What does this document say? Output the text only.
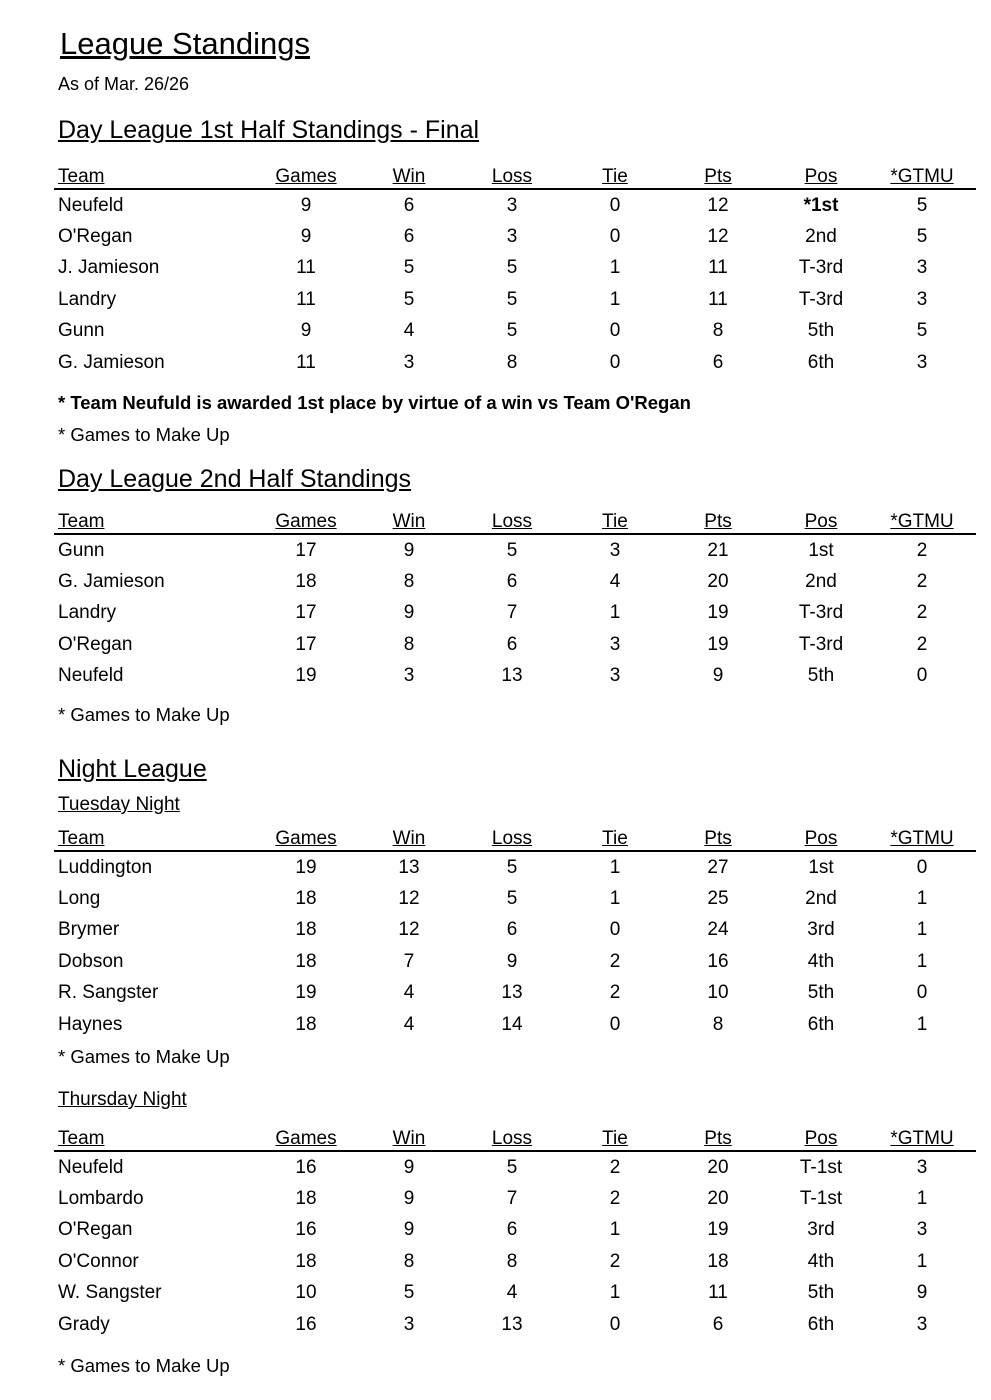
League Standings
As of Mar. 26/26
Day League 1st Half Standings - Final
Team	Games	Win	Loss	Tie	Pts	Pos	*GTMU
Neufeld	9	6	3	0	12	*1st	5
O'Regan	9	6	3	0	12	2nd	5
J. Jamieson	11	5	5	1	11	T-3rd	3
Landry	11	5	5	1	11	T-3rd	3
Gunn	9	4	5	0	8	5th	5
G. Jamieson	11	3	8	0	6	6th	3
* Team Neufuld is awarded 1st place by virtue of a win vs Team O'Regan
* Games to Make Up
Day League 2nd Half Standings
Team	Games	Win	Loss	Tie	Pts	Pos	*GTMU
Gunn	17	9	5	3	21	1st	2
G. Jamieson	18	8	6	4	20	2nd	2
Landry	17	9	7	1	19	T-3rd	2
O'Regan	17	8	6	3	19	T-3rd	2
Neufeld	19	3	13	3	9	5th	0
* Games to Make Up
Night League
Tuesday Night
Team	Games	Win	Loss	Tie	Pts	Pos	*GTMU
Luddington	19	13	5	1	27	1st	0
Long	18	12	5	1	25	2nd	1
Brymer	18	12	6	0	24	3rd	1
Dobson	18	7	9	2	16	4th	1
R. Sangster	19	4	13	2	10	5th	0
Haynes	18	4	14	0	8	6th	1
* Games to Make Up
Thursday Night
Team	Games	Win	Loss	Tie	Pts	Pos	*GTMU
Neufeld	16	9	5	2	20	T-1st	3
Lombardo	18	9	7	2	20	T-1st	1
O'Regan	16	9	6	1	19	3rd	3
O'Connor	18	8	8	2	18	4th	1
W. Sangster	10	5	4	1	11	5th	9
Grady	16	3	13	0	6	6th	3
* Games to Make Up
